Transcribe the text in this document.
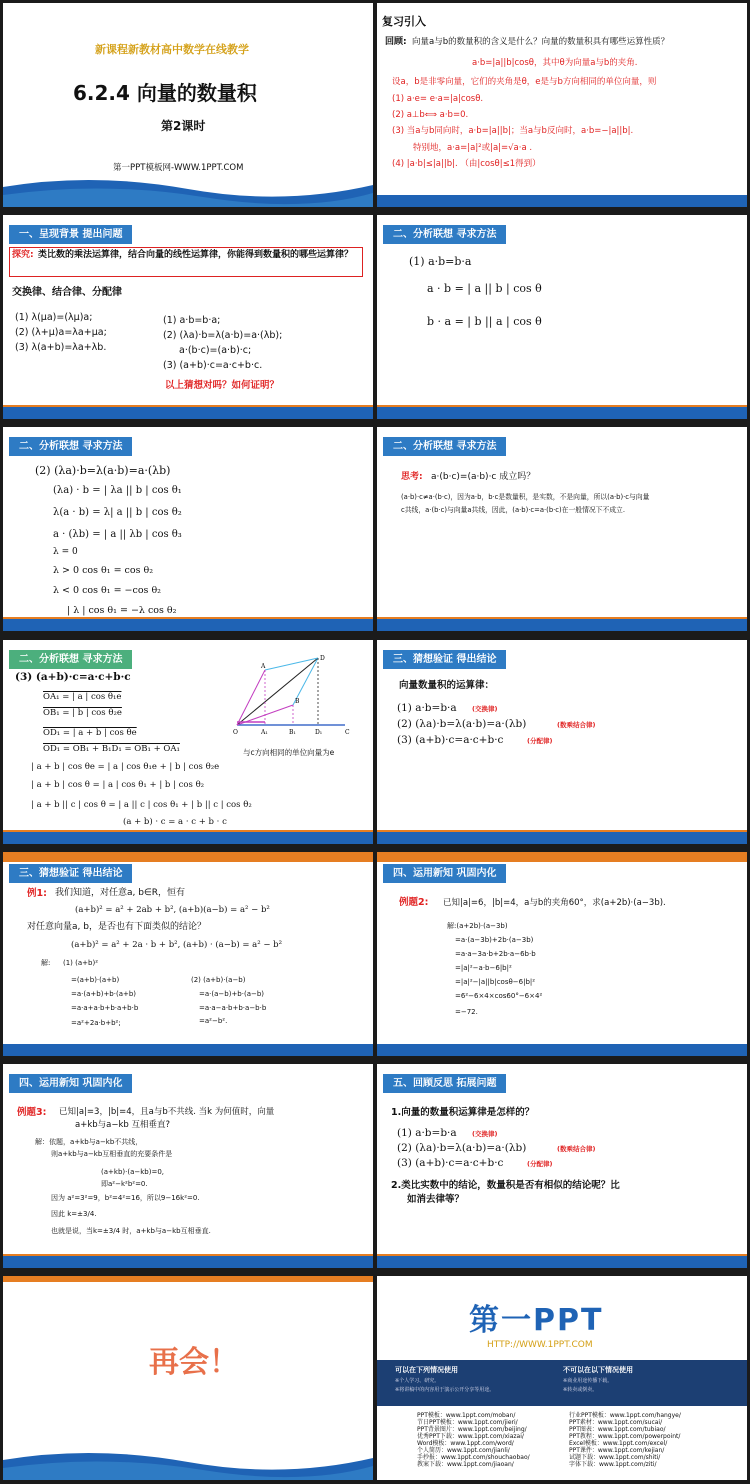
新课程新教材高中数学在线教学
6.2.4 向量的数量积
第2课时
第一PPT模板网-WWW.1PPT.COM
复习引入
回顾: 向量a与b的数量积的含义是什么？向量的数量积具有哪些运算性质？
a·b=|a||b|cosθ，其中θ为向量a与b的夹角.
设a，b是非零向量，它们的夹角是θ，e是与b方向相同的单位向量，则
(1) a·e= e·a=|a|cosθ.
(2) a⊥b⟺ a·b=0.
(3) 当a与b同向时，a·b=|a||b|；当a与b反向时，a·b=−|a||b|.
特别地，a·a=|a|²或|a|=√a·a .
(4) |a·b|≤|a||b|. （由|cosθ|≤1得到）
一、呈现背景 提出问题
探究: 类比数的乘法运算律，结合向量的线性运算律，你能得到数量积的哪些运算律？
交换律、结合律、分配律
(1) λ(μa)=(λμ)a;
(2) (λ+μ)a=λa+μa;
(3) λ(a+b)=λa+λb.
(1) a·b=b·a;
(2) (λa)·b=λ(a·b)=a·(λb);
a·(b·c)=(a·b)·c;
(3) (a+b)·c=a·c+b·c.
以上猜想对吗？如何证明？
二、分析联想 寻求方法
(1) a·b=b·a
a · b = | a || b | cos θ
b · a = | b || a | cos θ
二、分析联想 寻求方法
(2) (λa)·b=λ(a·b)=a·(λb)
(λa) · b = | λa || b | cos θ₁
λ(a · b) = λ| a || b | cos θ₂
a · (λb) = | a || λb | cos θ₃
λ = 0
λ > 0 cos θ₁ = cos θ₂
λ < 0 cos θ₁ = −cos θ₂
| λ | cos θ₁ = −λ cos θ₂
二、分析联想 寻求方法
思考: a·(b·c)=(a·b)·c 成立吗？
(a·b)·c≠a·(b·c)，因为a·b，b·c是数量积，是实数，不是向量，所以(a·b)·c与向量
c共线，a·(b·c)与向量a共线，因此，(a·b)·c=a·(b·c)在一般情况下不成立.
二、分析联想 寻求方法
(3) (a+b)·c=a·c+b·c
OA₁ = | a | cos θ₁e
OB₁ = | b | cos θ₂e
OD₁ = | a + b | cos θe
OD₁ = OB₁ + B₁D₁ = OB₁ + OA₁
| a + b | cos θe = | a | cos θ₁e + | b | cos θ₂e
| a + b | cos θ = | a | cos θ₁ + | b | cos θ₂
| a + b || c | cos θ = | a || c | cos θ₁ + | b || c | cos θ₂
(a + b) · c = a · c + b · c
D
A
B
O	A₁	B₁	D₁	C
与c方向相同的单位向量为e
三、猜想验证 得出结论
向量数量积的运算律：
(1) a·b=b·a (交换律)
(2) (λa)·b=λ(a·b)=a·(λb)	(数乘结合律)
(3) (a+b)·c=a·c+b·c	(分配律)
三、猜想验证 得出结论
例1: 我们知道，对任意a, b∈R，恒有
(a+b)² = a² + 2ab + b², (a+b)(a−b) = a² − b²
对任意向量a, b，是否也有下面类似的结论？
(a+b)² = a² + 2a · b + b², (a+b) · (a−b) = a² − b²
解: (1) (a+b)²
=(a+b)·(a+b)
=a·(a+b)+b·(a+b)
=a·a+a·b+b·a+b·b
=a²+2a·b+b²;
(2) (a+b)·(a−b)
=a·(a−b)+b·(a−b)
=a·a−a·b+b·a−b·b
=a²−b².
四、运用新知 巩固内化
例题2: 已知|a|=6，|b|=4，a与b的夹角60°，求(a+2b)·(a−3b).
解:(a+2b)·(a−3b)
=a·(a−3b)+2b·(a−3b)
=a·a−3a·b+2b·a−6b·b
=|a|²−a·b−6|b|²
=|a|²−|a||b|cosθ−6|b|²
=6²−6×4×cos60°−6×4²
=−72.
四、运用新知 巩固内化
例题3: 已知|a|=3，|b|=4，且a与b不共线. 当k 为何值时，向量
a+kb与a−kb 互相垂直?
解：依题，a+kb与a−kb不共线，
则a+kb与a−kb互相垂直的充要条件是
(a+kb)·(a−kb)=0,
即a²−k²b²=0.
因为 a²=3²=9，b²=4²=16，所以9−16k²=0.
因此 k=±3/4.
也就是说，当k=±3/4 时，a+kb与a−kb互相垂直.
五、回顾反思 拓展问题
1.向量的数量积运算律是怎样的？
(1) a·b=b·a (交换律)
(2) (λa)·b=λ(a·b)=a·(λb)	(数乘结合律)
(3) (a+b)·c=a·c+b·c	(分配律)
2.类比实数中的结论，数量积是否有相似的结论呢？比
如消去律等？
再会！
第一PPT
HTTP://WWW.1PPT.COM
可以在下列情况使用
※个人学习、研究。
※将讲稿中的内容用于演示公开分享等用途。
不可以在以下情况使用
※商业用途传播下载。
※转卖或倒卖。
PPT模板：www.1ppt.com/moban/
节日PPT模板：www.1ppt.com/jieri/
PPT背景图片：www.1ppt.com/beijing/
优秀PPT下载：www.1ppt.com/xiazai/
Word模板：www.1ppt.com/word/
个人简历：www.1ppt.com/jianli/
手抄报：www.1ppt.com/shouchaobao/
教案下载：www.1ppt.com/jiaoan/
行业PPT模板：www.1ppt.com/hangye/
PPT素材：www.1ppt.com/sucai/
PPT图表：www.1ppt.com/tubiao/
PPT教程：www.1ppt.com/powerpoint/
Excel模板：www.1ppt.com/excel/
PPT课件：www.1ppt.com/kejian/
试题下载：www.1ppt.com/shiti/
字体下载：www.1ppt.com/ziti/
